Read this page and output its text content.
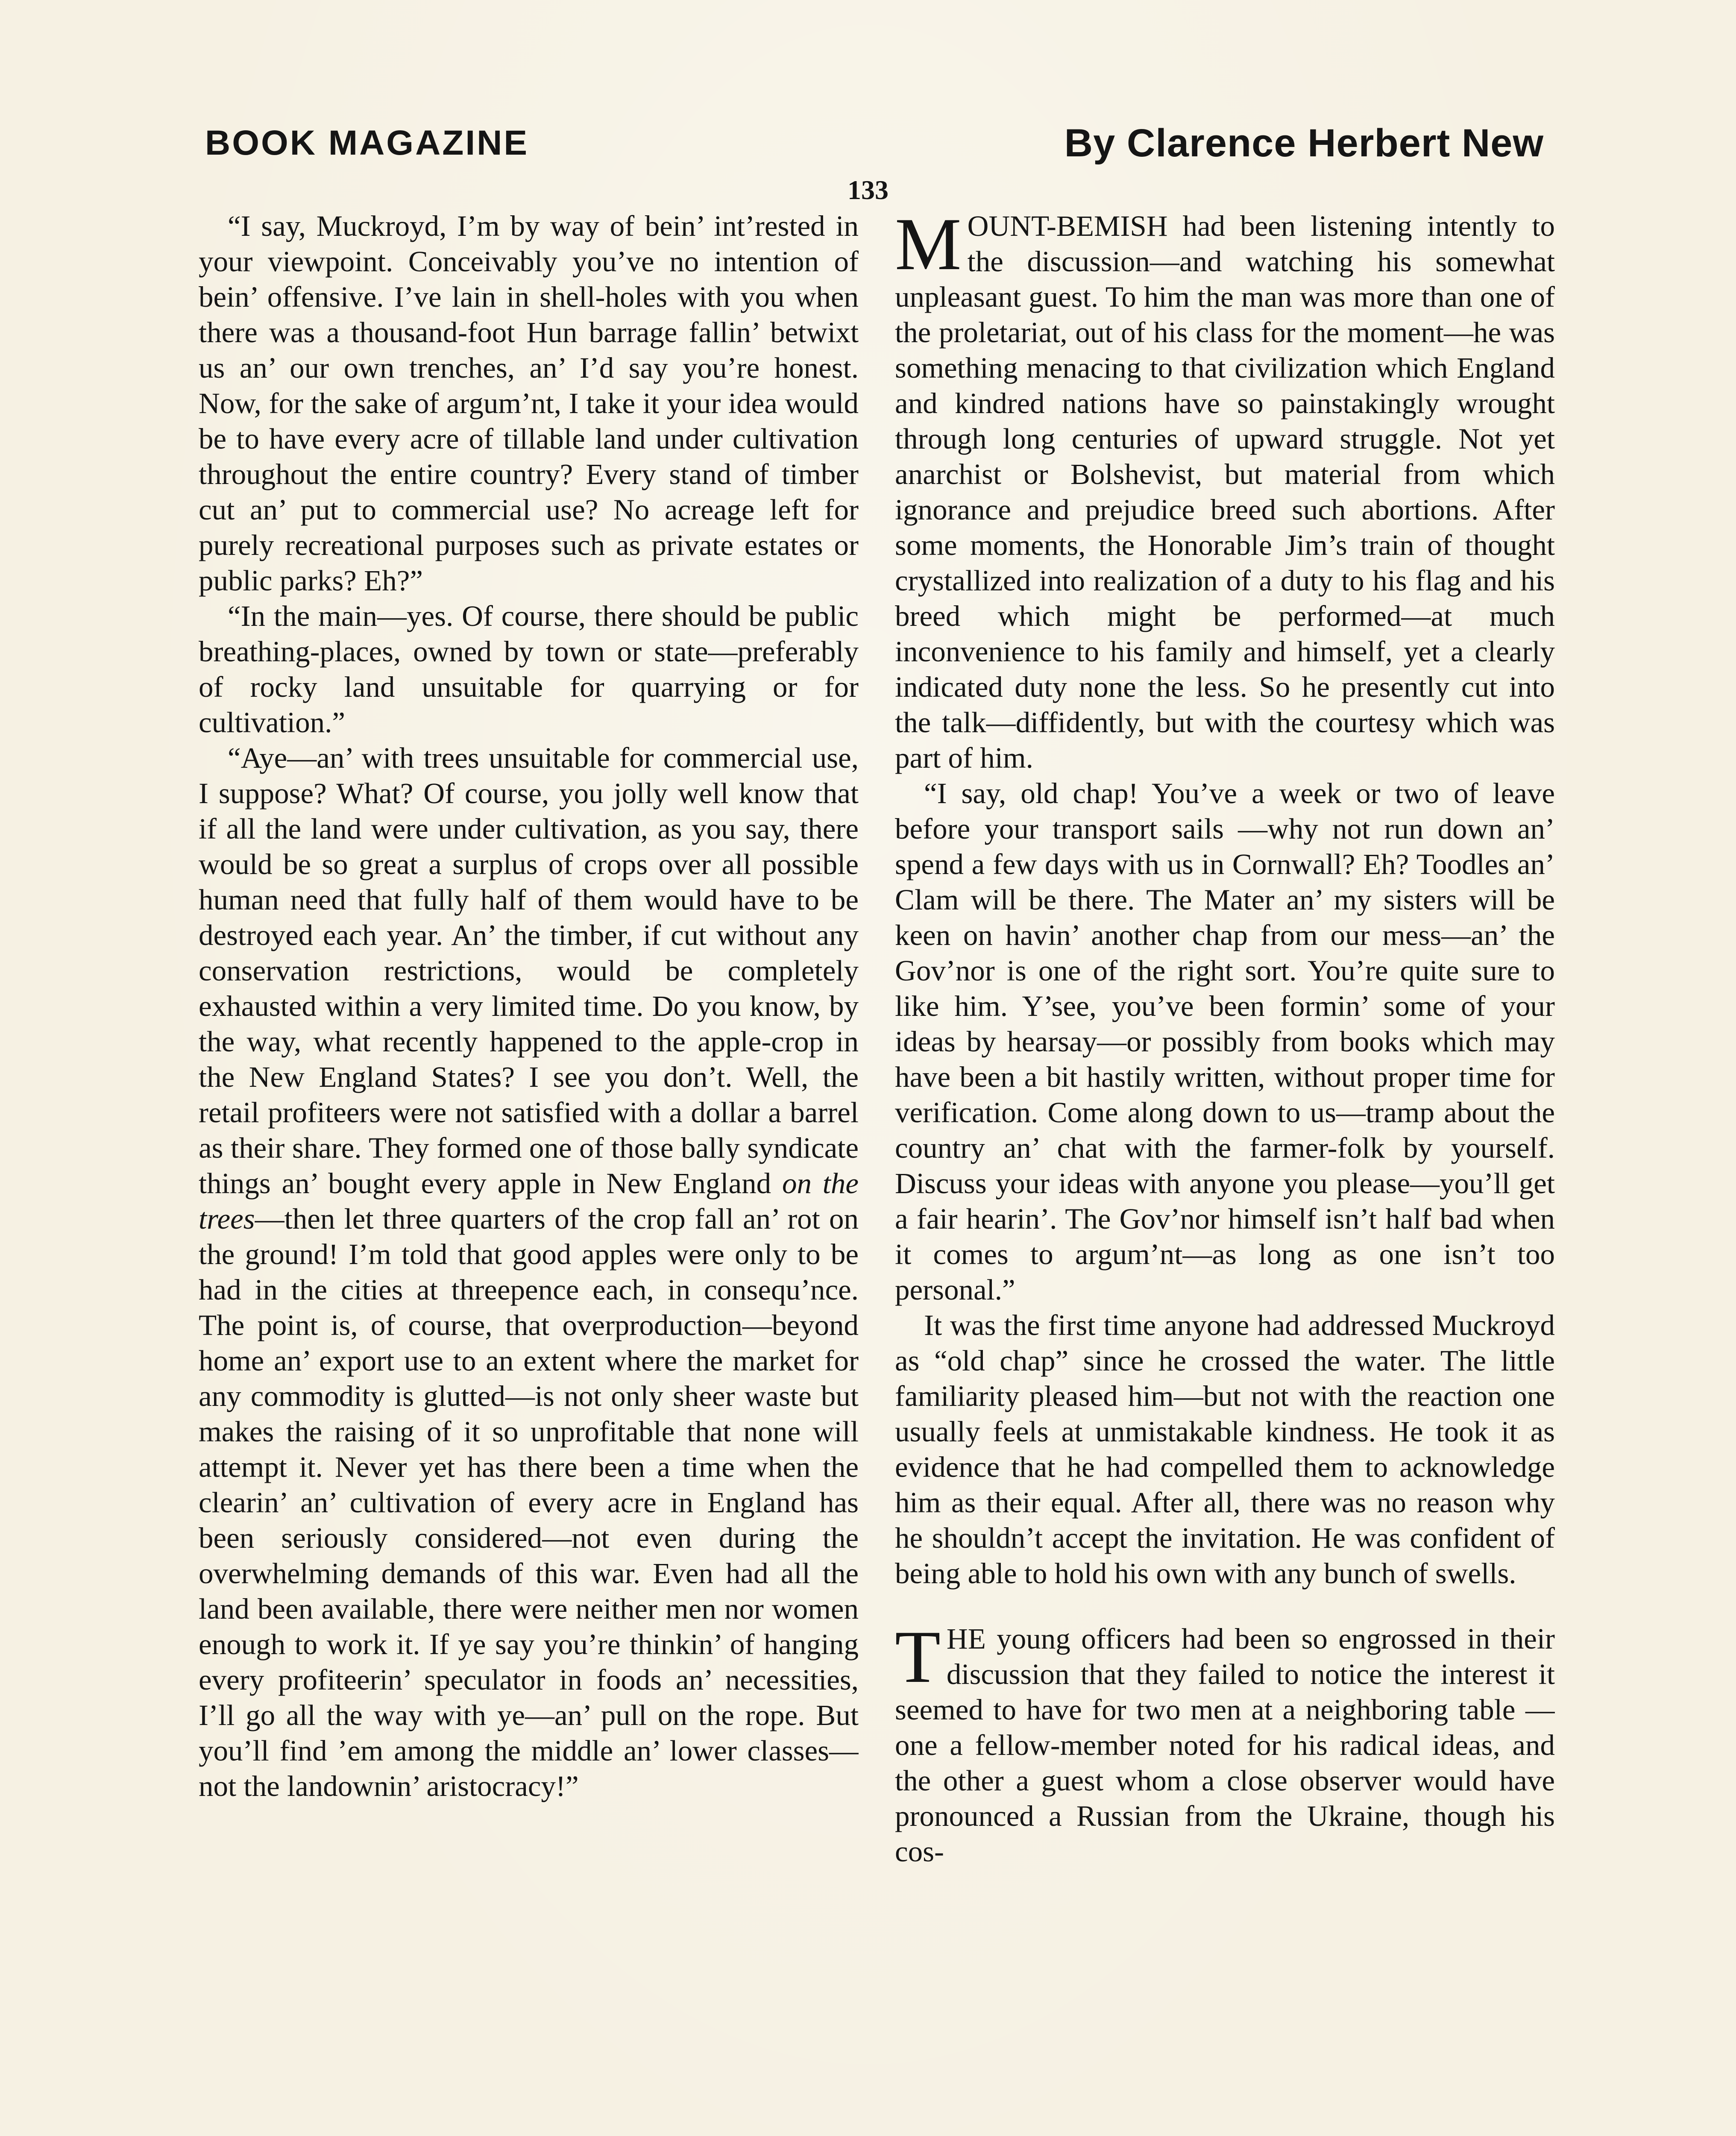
BOOK MAGAZINE	By Clarence Herbert New
133

“I say, Muckroyd, I’m by way of bein’ int’rested in your viewpoint. Conceivably you’ve no intention of bein’ offensive. I’ve lain in shell-holes with you when there was a thousand-foot Hun barrage fallin’ betwixt us an’ our own trenches, an’ I’d say you’re honest. Now, for the sake of argum’nt, I take it your idea would be to have every acre of tillable land under cultivation throughout the entire country? Every stand of timber cut an’ put to commercial use? No acreage left for purely recreational purposes such as private estates or public parks? Eh?”

“In the main—yes. Of course, there should be public breathing-places, owned by town or state—preferably of rocky land unsuitable for quarrying or for cultivation.”

“Aye—an’ with trees unsuitable for commercial use, I suppose? What? Of course, you jolly well know that if all the land were under cultivation, as you say, there would be so great a surplus of crops over all possible human need that fully half of them would have to be destroyed each year. An’ the timber, if cut without any conservation restrictions, would be completely exhausted within a very limited time. Do you know, by the way, what recently happened to the apple-crop in the New England States? I see you don’t. Well, the retail profiteers were not satisfied with a dollar a barrel as their share. They formed one of those bally syndicate things an’ bought every apple in New England on the trees—then let three quarters of the crop fall an’ rot on the ground! I’m told that good apples were only to be had in the cities at threepence each, in consequ’nce. The point is, of course, that overproduction—beyond home an’ export use to an extent where the market for any commodity is glutted—is not only sheer waste but makes the raising of it so unprofitable that none will attempt it. Never yet has there been a time when the clearin’ an’ cultivation of every acre in England has been seriously considered—not even during the overwhelming demands of this war. Even had all the land been available, there were neither men nor women enough to work it. If ye say you’re thinkin’ of hanging every profiteerin’ speculator in foods an’ necessities, I’ll go all the way with ye—an’ pull on the rope. But you’ll find ’em among the middle an’ lower classes—not the landownin’ aristocracy!”

MOUNT-BEMISH had been listening intently to the discussion—and watching his somewhat unpleasant guest. To him the man was more than one of the proletariat, out of his class for the moment—he was something menacing to that civilization which England and kindred nations have so painstakingly wrought through long centuries of upward struggle. Not yet anarchist or Bolshevist, but material from which ignorance and prejudice breed such abortions. After some moments, the Honorable Jim’s train of thought crystallized into realization of a duty to his flag and his breed which might be performed—at much inconvenience to his family and himself, yet a clearly indicated duty none the less. So he presently cut into the talk—diffidently, but with the courtesy which was part of him.

“I say, old chap! You’ve a week or two of leave before your transport sails —why not run down an’ spend a few days with us in Cornwall? Eh? Toodles an’ Clam will be there. The Mater an’ my sisters will be keen on havin’ another chap from our mess—an’ the Gov’nor is one of the right sort. You’re quite sure to like him. Y’see, you’ve been formin’ some of your ideas by hearsay—or possibly from books which may have been a bit hastily written, without proper time for verification. Come along down to us—tramp about the country an’ chat with the farmer-folk by yourself. Discuss your ideas with anyone you please—you’ll get a fair hearin’. The Gov’nor himself isn’t half bad when it comes to argum’nt—as long as one isn’t too personal.”

It was the first time anyone had addressed Muckroyd as “old chap” since he crossed the water. The little familiarity pleased him—but not with the reaction one usually feels at unmistakable kindness. He took it as evidence that he had compelled them to acknowledge him as their equal. After all, there was no reason why he shouldn’t accept the invitation. He was confident of being able to hold his own with any bunch of swells.

THE young officers had been so engrossed in their discussion that they failed to notice the interest it seemed to have for two men at a neighboring table —one a fellow-member noted for his radical ideas, and the other a guest whom a close observer would have pronounced a Russian from the Ukraine, though his cos-
